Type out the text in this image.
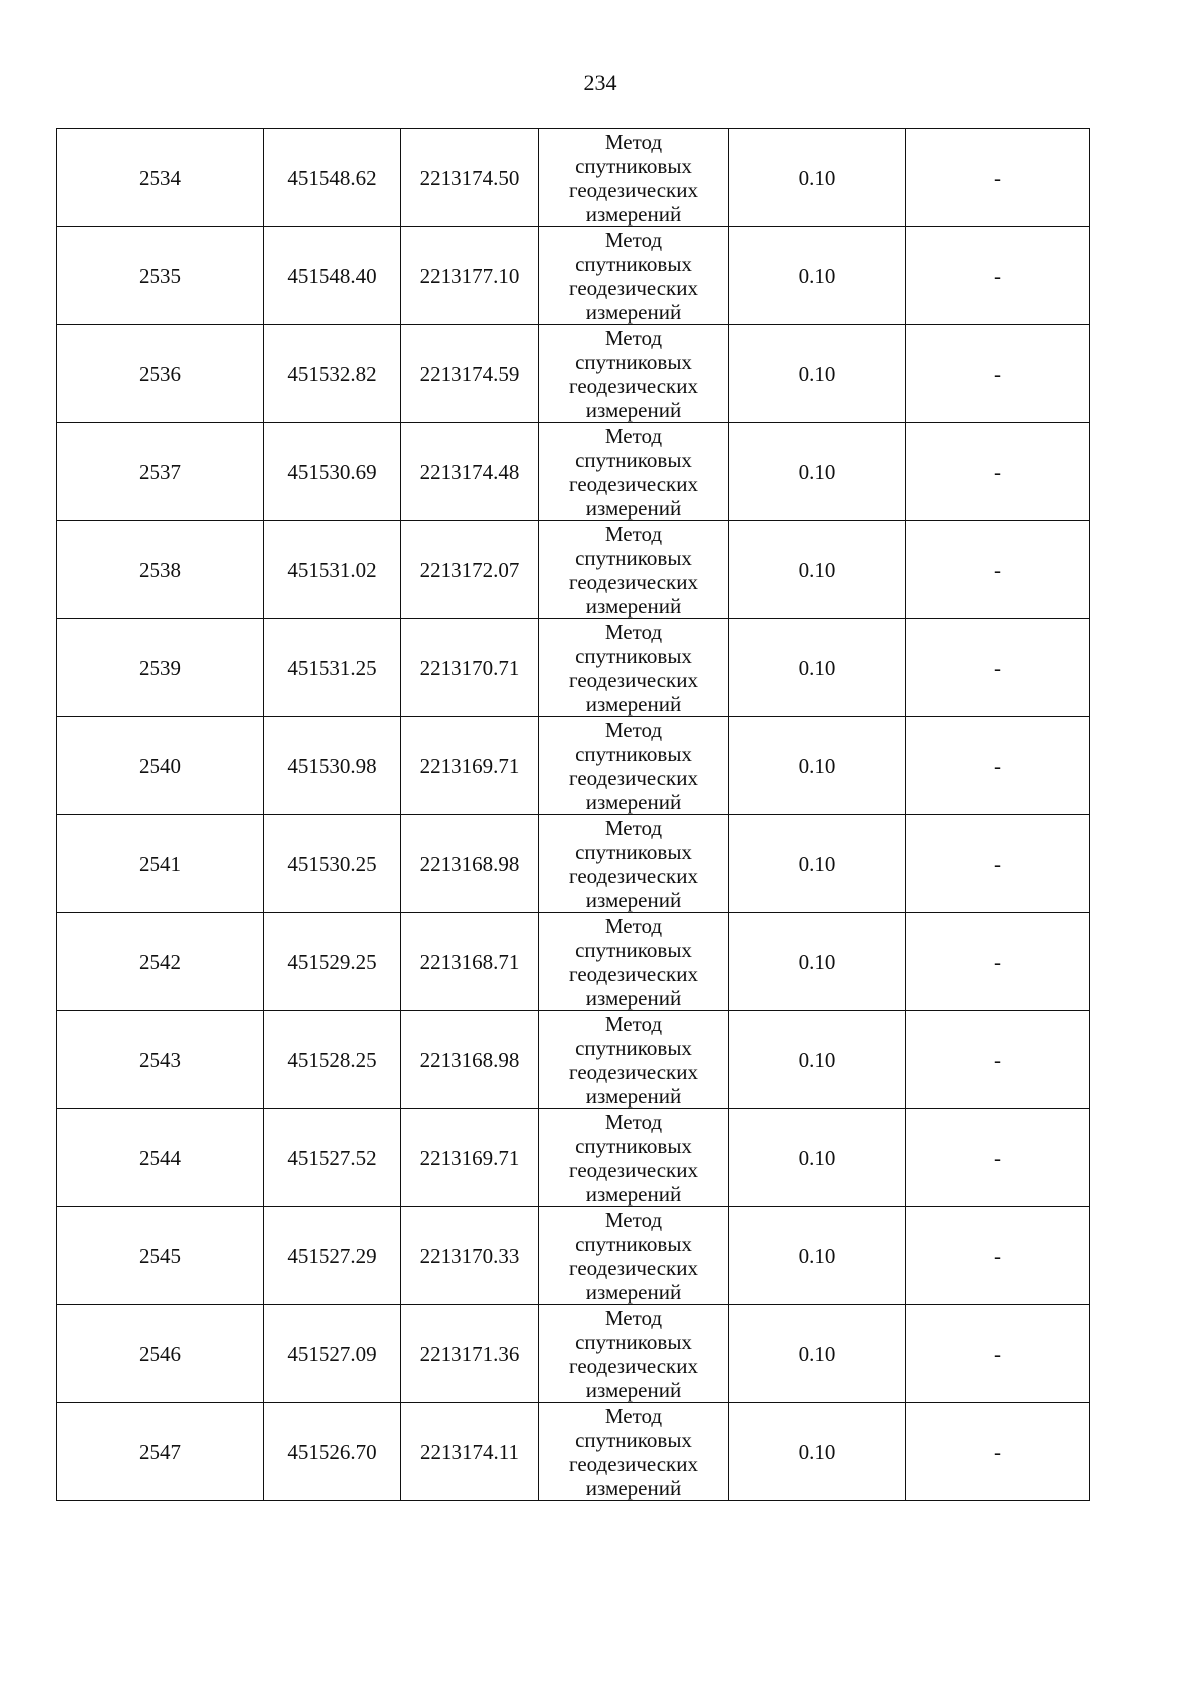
234
2534	451548.62	2213174.50	Метод
спутниковых
геодезических
измерений	0.10	-
2535	451548.40	2213177.10	Метод
спутниковых
геодезических
измерений	0.10	-
2536	451532.82	2213174.59	Метод
спутниковых
геодезических
измерений	0.10	-
2537	451530.69	2213174.48	Метод
спутниковых
геодезических
измерений	0.10	-
2538	451531.02	2213172.07	Метод
спутниковых
геодезических
измерений	0.10	-
2539	451531.25	2213170.71	Метод
спутниковых
геодезических
измерений	0.10	-
2540	451530.98	2213169.71	Метод
спутниковых
геодезических
измерений	0.10	-
2541	451530.25	2213168.98	Метод
спутниковых
геодезических
измерений	0.10	-
2542	451529.25	2213168.71	Метод
спутниковых
геодезических
измерений	0.10	-
2543	451528.25	2213168.98	Метод
спутниковых
геодезических
измерений	0.10	-
2544	451527.52	2213169.71	Метод
спутниковых
геодезических
измерений	0.10	-
2545	451527.29	2213170.33	Метод
спутниковых
геодезических
измерений	0.10	-
2546	451527.09	2213171.36	Метод
спутниковых
геодезических
измерений	0.10	-
2547	451526.70	2213174.11	Метод
спутниковых
геодезических
измерений	0.10	-
